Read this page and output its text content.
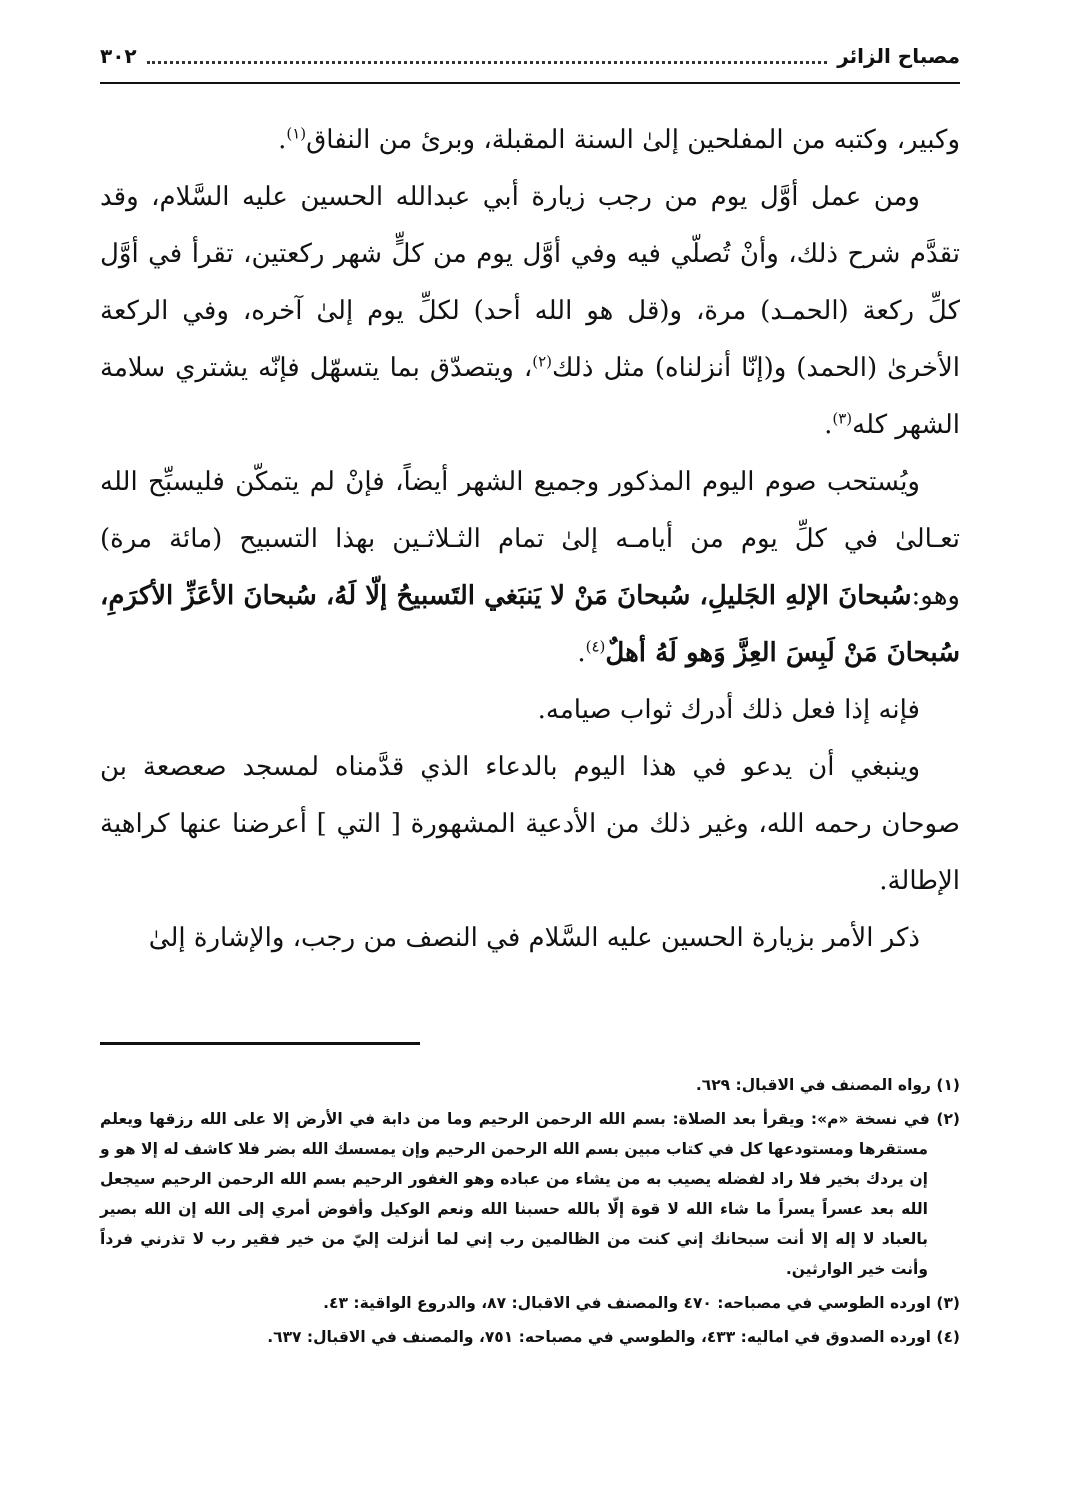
مصباح الزائر
٣٠٢

وكبير، وكتبه من المفلحين إلىٰ السنة المقبلة، وبرئ من النفاق$^{(١)}$.

ومن عمل أوَّل يوم من رجب زيارة أبي عبدالله الحسين عليه السَّلام، وقد تقدَّم شرح ذلك، وأنْ تُصلّي فيه وفي أوَّل يوم من كلٍّ شهر ركعتين، تقرأ في أوَّل كلِّ ركعة (الحمـد) مرة، و(قل هو الله أحد) لكلِّ يوم إلىٰ آخره، وفي الركعة الأخرىٰ (الحمد) و(إنّا أنزلناه) مثل ذلك$^{(٢)}$، ويتصدّق بما يتسهّل فإنّه يشتري سلامة الشهر كله$^{(٣)}$.

ويُستحب صوم اليوم المذكور وجميع الشهر أيضاً، فإنْ لم يتمكّن فليسبِّح الله تعـالىٰ في كلِّ يوم من أيامـه إلىٰ تمام الثـلاثـين بهذا التسبيح (مائة مرة) وهو:سُبحانَ الإلهِ الجَليلِ، سُبحانَ مَنْ لا يَنبَغي التَسبيحُ إلّا لَهُ، سُبحانَ الأعَزِّ الأكرَمِ، سُبحانَ مَنْ لَبِسَ العِزَّ وَهو لَهُ أهلٌ$^{(٤)}$.

فإنه إذا فعل ذلك أدرك ثواب صيامه.

وينبغي أن يدعو في هذا اليوم بالدعاء الذي قدَّمناه لمسجد صعصعة بن صوحان رحمه الله، وغير ذلك من الأدعية المشهورة [ التي ] أعرضنا عنها كراهية الإطالة.

ذكر الأمر بزيارة الحسين عليه السَّلام في النصف من رجب، والإشارة إلىٰ

(١) رواه المصنف في الاقبال: ٦٢٩.

(٢) في نسخة «م»: ويقرأ بعد الصلاة: بسم الله الرحمن الرحيم وما من دابة في الأرض إلا على الله رزقها ويعلم مستقرها ومستودعها كل في كتاب مبين بسم الله الرحمن الرحيم وإن يمسسك الله بضر فلا كاشف له إلا هو و إن يردك بخير فلا راد لفضله يصيب به من يشاء من عباده وهو الغفور الرحيم بسم الله الرحمن الرحيم سيجعل الله بعد عسراً يسراً ما شاء الله لا قوة إلّا بالله حسبنا الله ونعم الوكيل وأفوض أمري إلى الله إن الله بصير بالعباد لا إله إلا أنت سبحانك إني كنت من الظالمين رب إني لما أنزلت إليّ من خير فقير رب لا تذرني فرداً وأنت خير الوارثين.

(٣) اورده الطوسي في مصباحه: ٤٧٠ والمصنف في الاقبال: ٨٧، والدروع الواقية: ٤٣.

(٤) اورده الصدوق في اماليه: ٤٣٣، والطوسي في مصباحه: ٧٥١، والمصنف في الاقبال: ٦٣٧.
